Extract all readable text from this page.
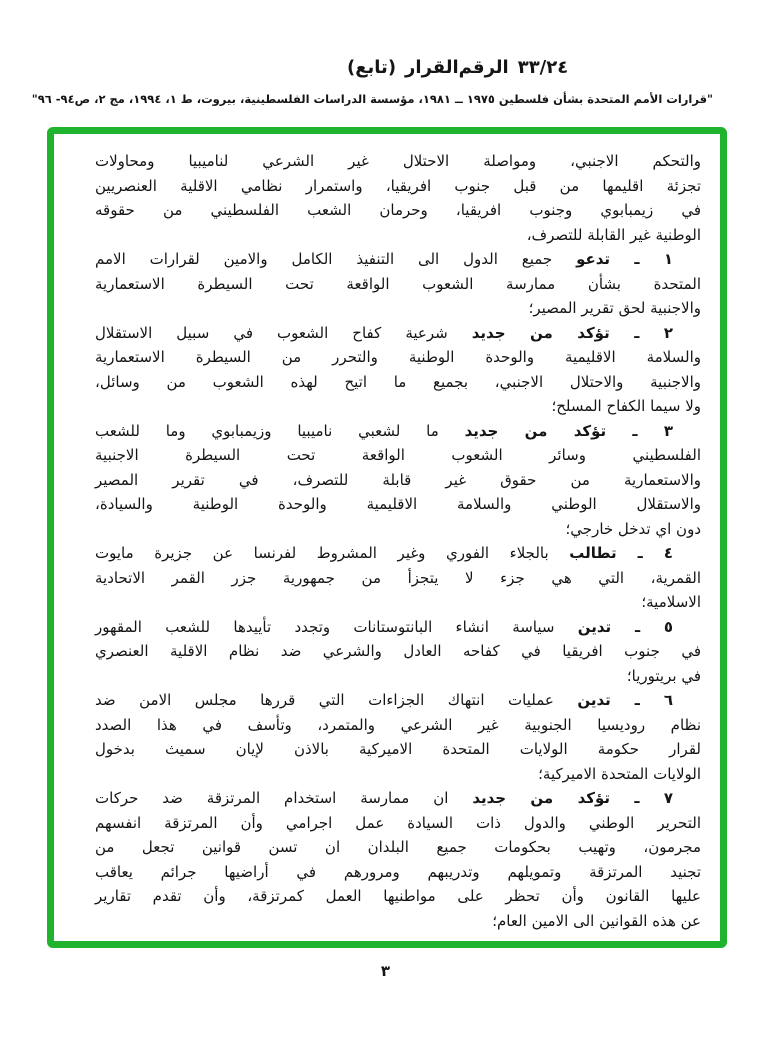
(تابع) القرار الرقم ٣٣/٢٤
"قرارات الأمم المتحدة بشأن فلسطين ١٩٧٥ ــ ١٩٨١، مؤسسة الدراسات الفلسطينية، بيروت، ط ١، ١٩٩٤، مج ٢، ص٩٤- ٩٦"
والتحكم الاجنبي، ومواصلة الاحتلال غير الشرعي لناميبيا ومحاولات
تجزئة اقليمها من قبل جنوب افريقيا، واستمرار نظامي الاقلية العنصريين
في زيمبابوي وجنوب افريقيا، وحرمان الشعب الفلسطيني من حقوقه
الوطنية غير القابلة للتصرف،
١ ـ تدعو جميع الدول الى التنفيذ الكامل والامين لقرارات الامم
المتحدة بشأن ممارسة الشعوب الواقعة تحت السيطرة الاستعمارية
والاجنبية لحق تقرير المصير؛
٢ ـ تؤكد من جديد شرعية كفاح الشعوب في سبيل الاستقلال
والسلامة الاقليمية والوحدة الوطنية والتحرر من السيطرة الاستعمارية
والاجنبية والاحتلال الاجنبي، بجميع ما اتيح لهذه الشعوب من وسائل،
ولا سيما الكفاح المسلح؛
٣ ـ تؤكد من جديد ما لشعبي ناميبيا وزيمبابوي وما للشعب
الفلسطيني وسائر الشعوب الواقعة تحت السيطرة الاجنبية
والاستعمارية من حقوق غير قابلة للتصرف، في تقرير المصير
والاستقلال الوطني والسلامة الاقليمية والوحدة الوطنية والسيادة،
دون اي تدخل خارجي؛
٤ ـ تطالب بالجلاء الفوري وغير المشروط لفرنسا عن جزيرة مايوت
القمرية، التي هي جزء لا يتجزأ من جمهورية جزر القمر الاتحادية
الاسلامية؛
٥ ـ تدين سياسة انشاء البانتوستانات وتجدد تأييدها للشعب المقهور
في جنوب افريقيا في كفاحه العادل والشرعي ضد نظام الاقلية العنصري
في بريتوريا؛
٦ ـ تدين عمليات انتهاك الجزاءات التي قررها مجلس الامن ضد
نظام روديسيا الجنوبية غير الشرعي والمتمرد، وتأسف في هذا الصدد
لقرار حكومة الولايات المتحدة الاميركية بالاذن لإيان سميث بدخول
الولايات المتحدة الاميركية؛
٧ ـ تؤكد من جديد ان ممارسة استخدام المرتزقة ضد حركات
التحرير الوطني والدول ذات السيادة عمل اجرامي وأن المرتزقة انفسهم
مجرمون، وتهيب بحكومات جميع البلدان ان تسن قوانين تجعل من
تجنيد المرتزقة وتمويلهم وتدريبهم ومرورهم في أراضيها جرائم يعاقب
عليها القانون وأن تحظر على مواطنيها العمل كمرتزقة، وأن تقدم تقارير
عن هذه القوانين الى الامين العام؛
٣
